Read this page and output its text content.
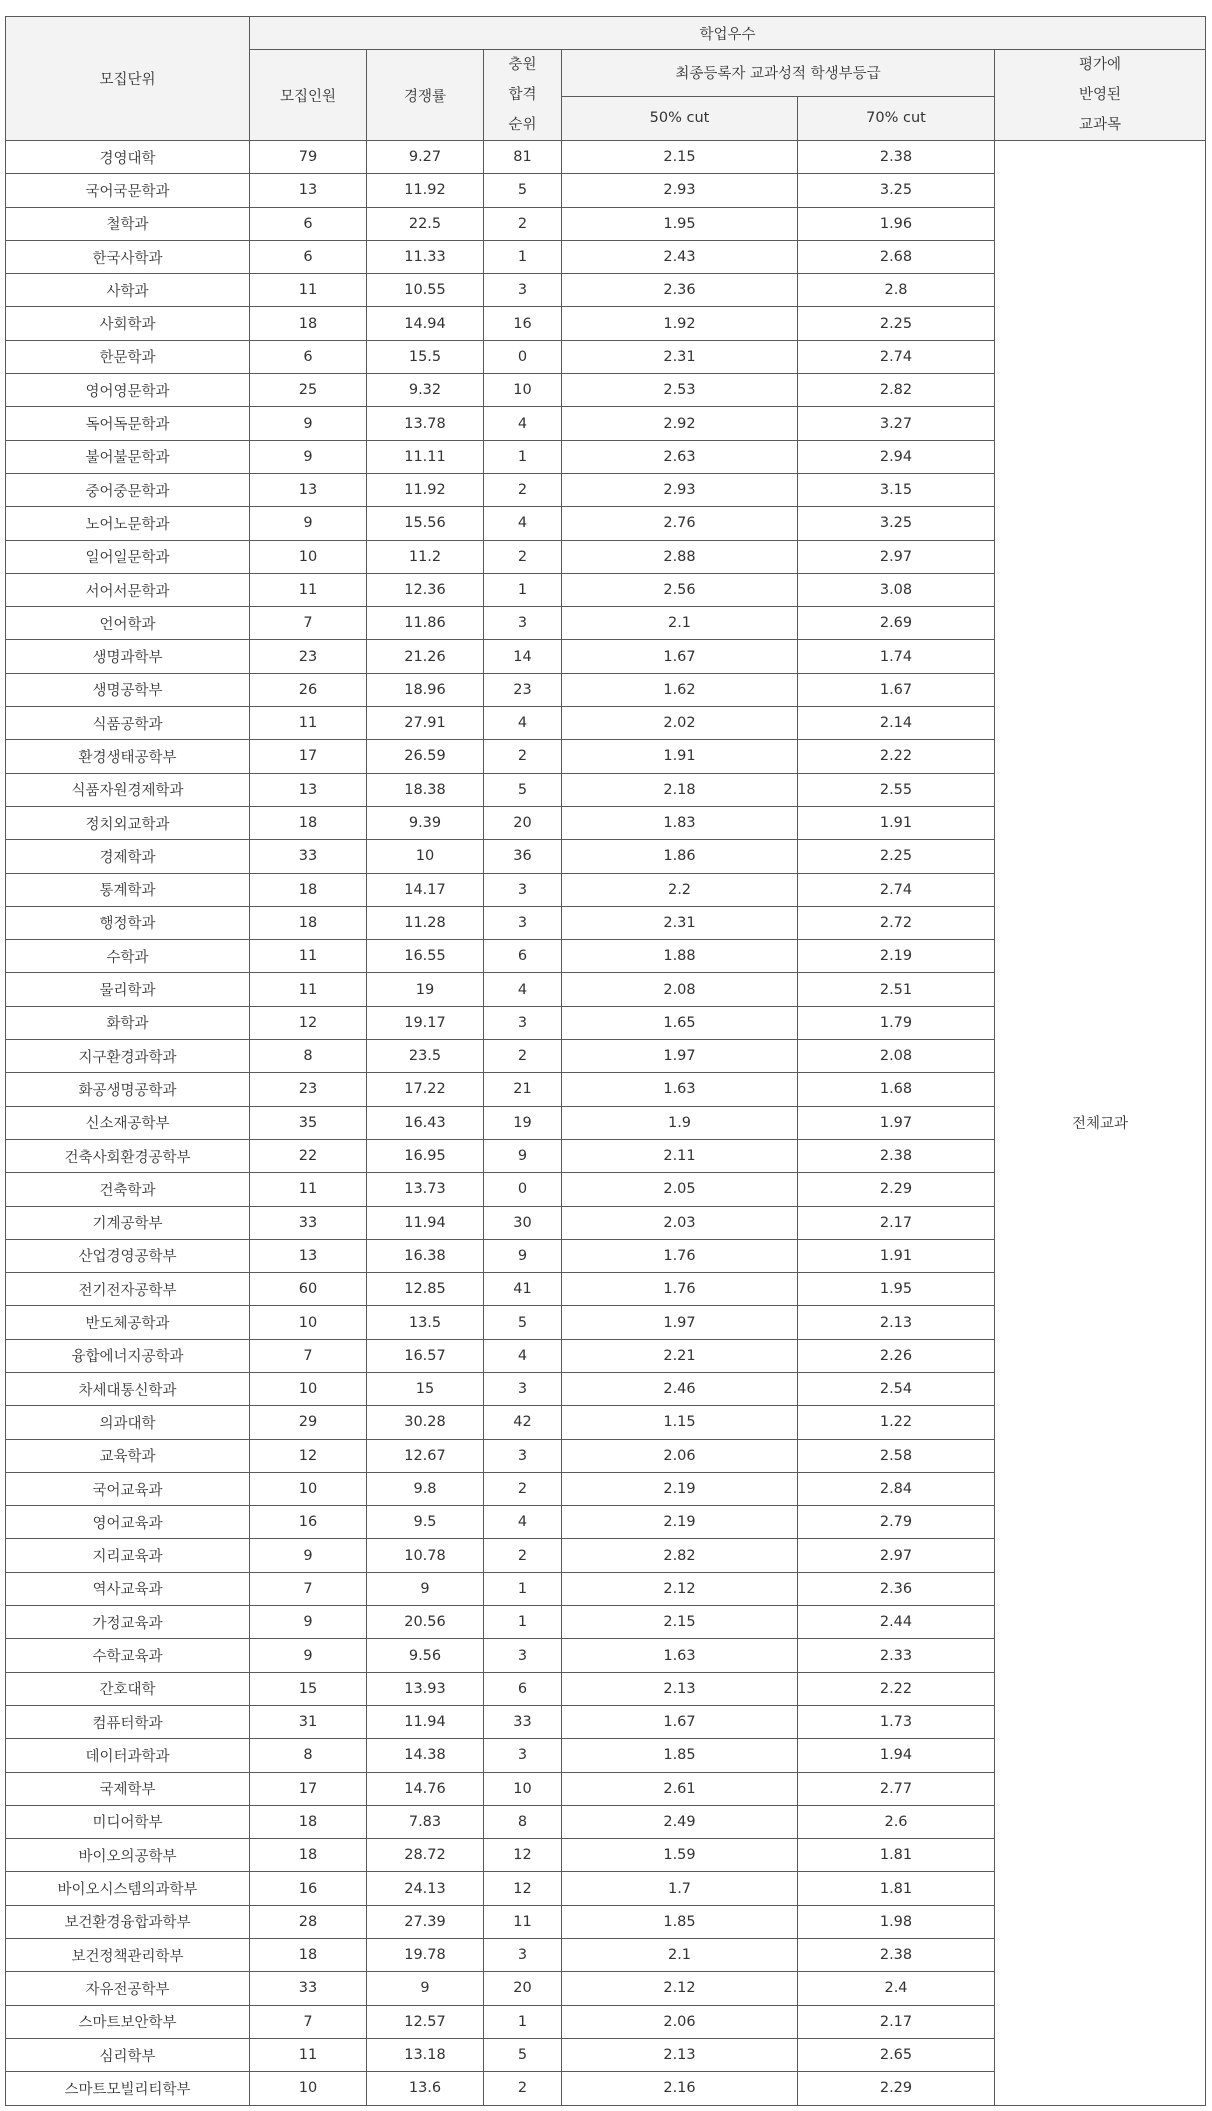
모집단위	학업우수					
	모집인원	경쟁률	충원
합격
순위	최종등록자 교과성적 학생부등급		평가에
반영된
교과목
				50% cut	70% cut	
경영대학	79	9.27	81	2.15	2.38	전체교과
국어국문학과	13	11.92	5	2.93	3.25	
철학과	6	22.5	2	1.95	1.96	
한국사학과	6	11.33	1	2.43	2.68	
사학과	11	10.55	3	2.36	2.8	
사회학과	18	14.94	16	1.92	2.25	
한문학과	6	15.5	0	2.31	2.74	
영어영문학과	25	9.32	10	2.53	2.82	
독어독문학과	9	13.78	4	2.92	3.27	
불어불문학과	9	11.11	1	2.63	2.94	
중어중문학과	13	11.92	2	2.93	3.15	
노어노문학과	9	15.56	4	2.76	3.25	
일어일문학과	10	11.2	2	2.88	2.97	
서어서문학과	11	12.36	1	2.56	3.08	
언어학과	7	11.86	3	2.1	2.69	
생명과학부	23	21.26	14	1.67	1.74	
생명공학부	26	18.96	23	1.62	1.67	
식품공학과	11	27.91	4	2.02	2.14	
환경생태공학부	17	26.59	2	1.91	2.22	
식품자원경제학과	13	18.38	5	2.18	2.55	
정치외교학과	18	9.39	20	1.83	1.91	
경제학과	33	10	36	1.86	2.25	
통계학과	18	14.17	3	2.2	2.74	
행정학과	18	11.28	3	2.31	2.72	
수학과	11	16.55	6	1.88	2.19	
물리학과	11	19	4	2.08	2.51	
화학과	12	19.17	3	1.65	1.79	
지구환경과학과	8	23.5	2	1.97	2.08	
화공생명공학과	23	17.22	21	1.63	1.68	
신소재공학부	35	16.43	19	1.9	1.97	
건축사회환경공학부	22	16.95	9	2.11	2.38	
건축학과	11	13.73	0	2.05	2.29	
기계공학부	33	11.94	30	2.03	2.17	
산업경영공학부	13	16.38	9	1.76	1.91	
전기전자공학부	60	12.85	41	1.76	1.95	
반도체공학과	10	13.5	5	1.97	2.13	
융합에너지공학과	7	16.57	4	2.21	2.26	
차세대통신학과	10	15	3	2.46	2.54	
의과대학	29	30.28	42	1.15	1.22	
교육학과	12	12.67	3	2.06	2.58	
국어교육과	10	9.8	2	2.19	2.84	
영어교육과	16	9.5	4	2.19	2.79	
지리교육과	9	10.78	2	2.82	2.97	
역사교육과	7	9	1	2.12	2.36	
가정교육과	9	20.56	1	2.15	2.44	
수학교육과	9	9.56	3	1.63	2.33	
간호대학	15	13.93	6	2.13	2.22	
컴퓨터학과	31	11.94	33	1.67	1.73	
데이터과학과	8	14.38	3	1.85	1.94	
국제학부	17	14.76	10	2.61	2.77	
미디어학부	18	7.83	8	2.49	2.6	
바이오의공학부	18	28.72	12	1.59	1.81	
바이오시스템의과학부	16	24.13	12	1.7	1.81	
보건환경융합과학부	28	27.39	11	1.85	1.98	
보건정책관리학부	18	19.78	3	2.1	2.38	
자유전공학부	33	9	20	2.12	2.4	
스마트보안학부	7	12.57	1	2.06	2.17	
심리학부	11	13.18	5	2.13	2.65	
스마트모빌리티학부	10	13.6	2	2.16	2.29	
